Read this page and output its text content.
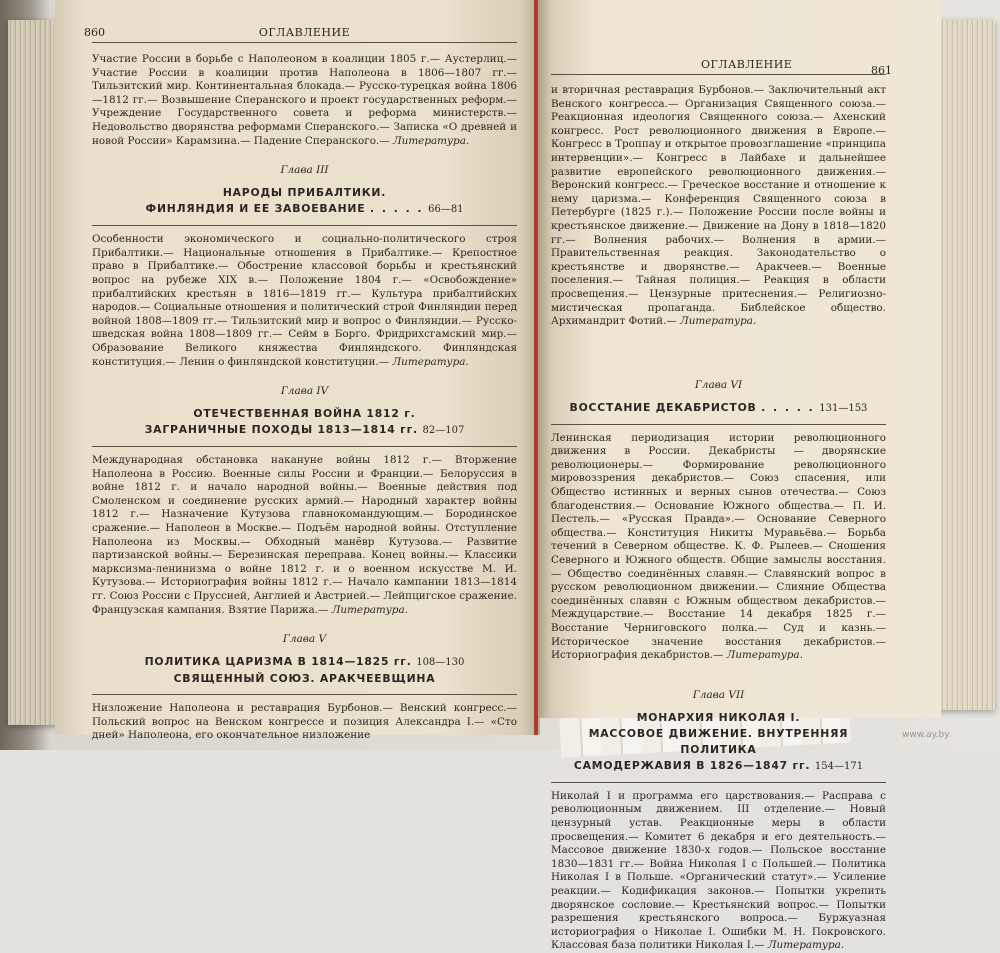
860	ОГЛАВЛЕНИЕ

Участие России в борьбе с Наполеоном в коалиции 1805 г.— Аустерлиц.— Участие России в коалиции против Наполеона в 1806—1807 гг.— Тильзитский мир. Континентальная блокада.— Русско-турецкая война 1806—1812 гг.— Возвышение Сперанского и проект государственных реформ.— Учреждение Государственного совета и реформа министерств.— Недовольство дворянства реформами Сперанского.— Записка «О древней и новой России» Карамзина.— Падение Сперанского.— Литература.

Глава III
НАРОДЫ ПРИБАЛТИКИ.
ФИНЛЯНДИЯ И ЕЕ ЗАВОЕВАНИЕ . . . . . 66—81

Особенности экономического и социально-политического строя Прибалтики.— Национальные отношения в Прибалтике.— Крепостное право в Прибалтике.— Обострение классовой борьбы и крестьянский вопрос на рубеже XIX в.— Положение 1804 г.— «Освобождение» прибалтийских крестьян в 1816—1819 гг.— Культура прибалтийских народов.— Социальные отношения и политический строй Финляндии перед войной 1808—1809 гг.— Тильзитский мир и вопрос о Финляндии.— Русско-шведская война 1808—1809 гг.— Сейм в Борго. Фридрихсгамский мир.— Образование Великого княжества Финляндского. Финляндская конституция.— Ленин о финляндской конституции.— Литература.

Глава IV
ОТЕЧЕСТВЕННАЯ ВОЙНА 1812 г.
ЗАГРАНИЧНЫЕ ПОХОДЫ 1813—1814 гг. 82—107

Международная обстановка накануне войны 1812 г.— Вторжение Наполеона в Россию. Военные силы России и Франции.— Белоруссия в войне 1812 г. и начало народной войны.— Военные действия под Смоленском и соединение русских армий.— Народный характер войны 1812 г.— Назначение Кутузова главнокомандующим.— Бородинское сражение.— Наполеон в Москве.— Подъём народной войны. Отступление Наполеона из Москвы.— Обходный манёвр Кутузова.— Развитие партизанской войны.— Березинская переправа. Конец войны.— Классики марксизма-ленинизма о войне 1812 г. и о военном искусстве М. И. Кутузова.— Историография войны 1812 г.— Начало кампании 1813—1814 гг. Союз России с Пруссией, Англией и Австрией.— Лейпцигское сражение. Французская кампания. Взятие Парижа.— Литература.

Глава V
ПОЛИТИКА ЦАРИЗМА В 1814—1825 гг. 108—130
СВЯЩЕННЫЙ СОЮЗ. АРАКЧЕЕВЩИНА

Низложение Наполеона и реставрация Бурбонов.— Венский конгресс.— Польский вопрос на Венском конгрессе и позиция Александра I.— «Сто дней» Наполеона, его окончательное низложение

ОГЛАВЛЕНИЕ	861

и вторичная реставрация Бурбонов.— Заключительный акт Венского конгресса.— Организация Священного союза.— Реакционная идеология Священного союза.— Ахенский конгресс. Рост революционного движения в Европе.— Конгресс в Троппау и открытое провозглашение «принципа интервенции».— Конгресс в Лайбахе и дальнейшее развитие европейского революционного движения.— Веронский конгресс.— Греческое восстание и отношение к нему царизма.— Конференция Священного союза в Петербурге (1825 г.).— Положение России после войны и крестьянское движение.— Движение на Дону в 1818—1820 гг.— Волнения рабочих.— Волнения в армии.— Правительственная реакция. Законодательство о крестьянстве и дворянстве.— Аракчеев.— Военные поселения.— Тайная полиция.— Реакция в области просвещения.— Цензурные притеснения.— Религиозно-мистическая пропаганда. Библейское общество. Архимандрит Фотий.— Литература.

Глава VI
ВОССТАНИЕ ДЕКАБРИСТОВ . . . . . 131—153

Ленинская периодизация истории революционного движения в России. Декабристы — дворянские революционеры.— Формирование революционного мировоззрения декабристов.— Союз спасения, или Общество истинных и верных сынов отечества.— Союз благоденствия.— Основание Южного общества.— П. И. Пестель.— «Русская Правда».— Основание Северного общества.— Конституция Никиты Муравьёва.— Борьба течений в Северном обществе. К. Ф. Рылеев.— Сношения Северного и Южного обществ. Общие замыслы восстания.— Общество соединённых славян.— Славянский вопрос в русском революционном движении.— Слияние Общества соединённых славян с Южным обществом декабристов.— Междуцарствие.— Восстание 14 декабря 1825 г.— Восстание Черниговского полка.— Суд и казнь.— Историческое значение восстания декабристов.— Историография декабристов.— Литература.

Глава VII
МОНАРХИЯ НИКОЛАЯ I.
МАССОВОЕ ДВИЖЕНИЕ. ВНУТРЕННЯЯ ПОЛИТИКА
САМОДЕРЖАВИЯ В 1826—1847 гг. 154—171

Николай I и программа его царствования.— Расправа с революционным движением. III отделение.— Новый цензурный устав. Реакционные меры в области просвещения.— Комитет 6 декабря и его деятельность.— Массовое движение 1830-х годов.— Польское восстание 1830—1831 гг.— Война Николая I с Польшей.— Политика Николая I в Польше. «Органический статут».— Усиление реакции.— Кодификация законов.— Попытки укрепить дворянское сословие.— Крестьянский вопрос.— Попытки разрешения крестьянского вопроса.— Буржуазная историография о Николае I. Ошибки М. Н. Покровского. Классовая база политики Николая I.— Литература.

www.ay.by
